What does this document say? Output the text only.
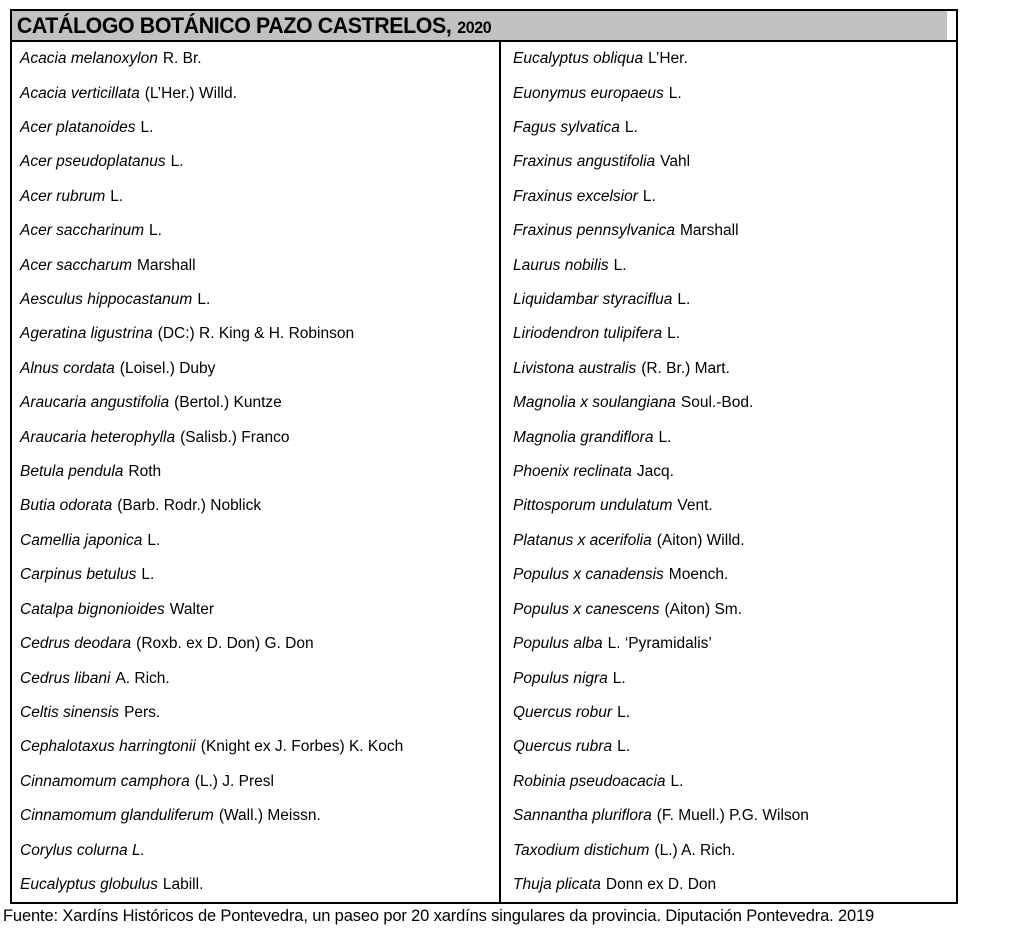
CATÁLOGO BOTÁNICO PAZO CASTRELOS, 2020
Acacia melanoxylon R. Br.
Acacia verticillata (L’Her.) Willd.
Acer platanoides L.
Acer pseudoplatanus L.
Acer rubrum L.
Acer saccharinum L.
Acer saccharum Marshall
Aesculus hippocastanum L.
Ageratina ligustrina (DC:) R. King & H. Robinson
Alnus cordata (Loisel.) Duby
Araucaria angustifolia (Bertol.) Kuntze
Araucaria heterophylla (Salisb.) Franco
Betula pendula Roth
Butia odorata (Barb. Rodr.) Noblick
Camellia japonica L.
Carpinus betulus L.
Catalpa bignonioides Walter
Cedrus deodara (Roxb. ex D. Don) G. Don
Cedrus libani A. Rich.
Celtis sinensis Pers.
Cephalotaxus harringtonii (Knight ex J. Forbes) K. Koch
Cinnamomum camphora (L.) J. Presl
Cinnamomum glanduliferum (Wall.) Meissn.
Corylus colurna L.
Eucalyptus globulus Labill.
Eucalyptus obliqua L’Her.
Euonymus europaeus L.
Fagus sylvatica L.
Fraxinus angustifolia Vahl
Fraxinus excelsior L.
Fraxinus pennsylvanica Marshall
Laurus nobilis L.
Liquidambar styraciflua L.
Liriodendron tulipifera L.
Livistona australis (R. Br.) Mart.
Magnolia x soulangiana Soul.-Bod.
Magnolia grandiflora L.
Phoenix reclinata Jacq.
Pittosporum undulatum Vent.
Platanus x acerifolia (Aiton) Willd.
Populus x canadensis Moench.
Populus x canescens (Aiton) Sm.
Populus alba L. ‘Pyramidalis’
Populus nigra L.
Quercus robur L.
Quercus rubra L.
Robinia pseudoacacia L.
Sannantha pluriflora (F. Muell.) P.G. Wilson
Taxodium distichum (L.) A. Rich.
Thuja plicata Donn ex D. Don
Fuente: Xardíns Históricos de Pontevedra, un paseo por 20 xardíns singulares da provincia. Diputación Pontevedra. 2019
